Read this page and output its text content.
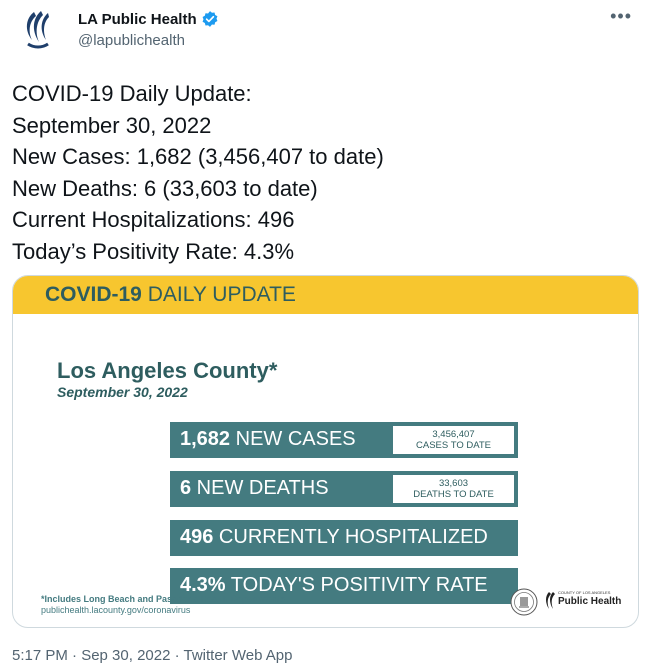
LA Public Health
@lapublichealth
•••
COVID-19 Daily Update:
September 30, 2022
New Cases: 1,682 (3,456,407 to date)
New Deaths: 6 (33,603 to date)
Current Hospitalizations: 496
Today’s Positivity Rate: 4.3%
COVID-19 DAILY UPDATE
Los Angeles County*
September 30, 2022
1,682 NEW CASES	3,456,407
CASES TO DATE
6 NEW DEATHS	33,603
DEATHS TO DATE
496 CURRENTLY HOSPITALIZED
4.3% TODAY'S POSITIVITY RATE
*Includes Long Beach and Pasadena Health Departments
publichealth.lacounty.gov/coronavirus
COUNTY OF LOS ANGELES
Public Health
5:17 PM · Sep 30, 2022 · Twitter Web App
